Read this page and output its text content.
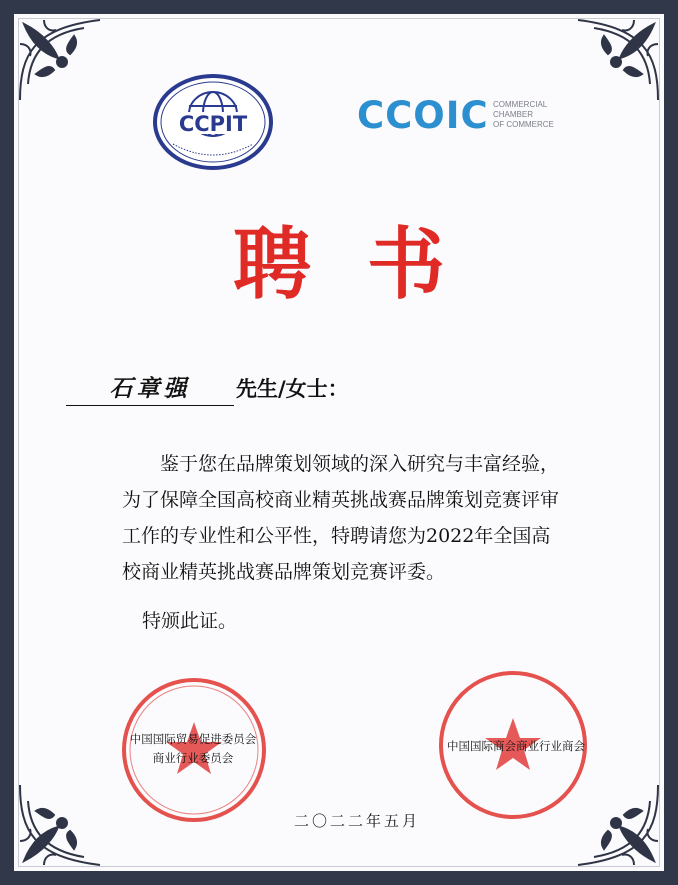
CCPIT	CCOIC COMMERCIAL
CHAMBER
OF COMMERCE
聘书
石章强	先生/女士：

鉴于您在品牌策划领域的深入研究与丰富经验，为了保障全国高校商业精英挑战赛品牌策划竞赛评审工作的专业性和公平性，特聘请您为2022年全国高校商业精英挑战赛品牌策划竞赛评委。

特颁此证。
中国国际贸易促进委员会
商业行业委员会
中国国际商会商业行业商会
二〇二二年五月
